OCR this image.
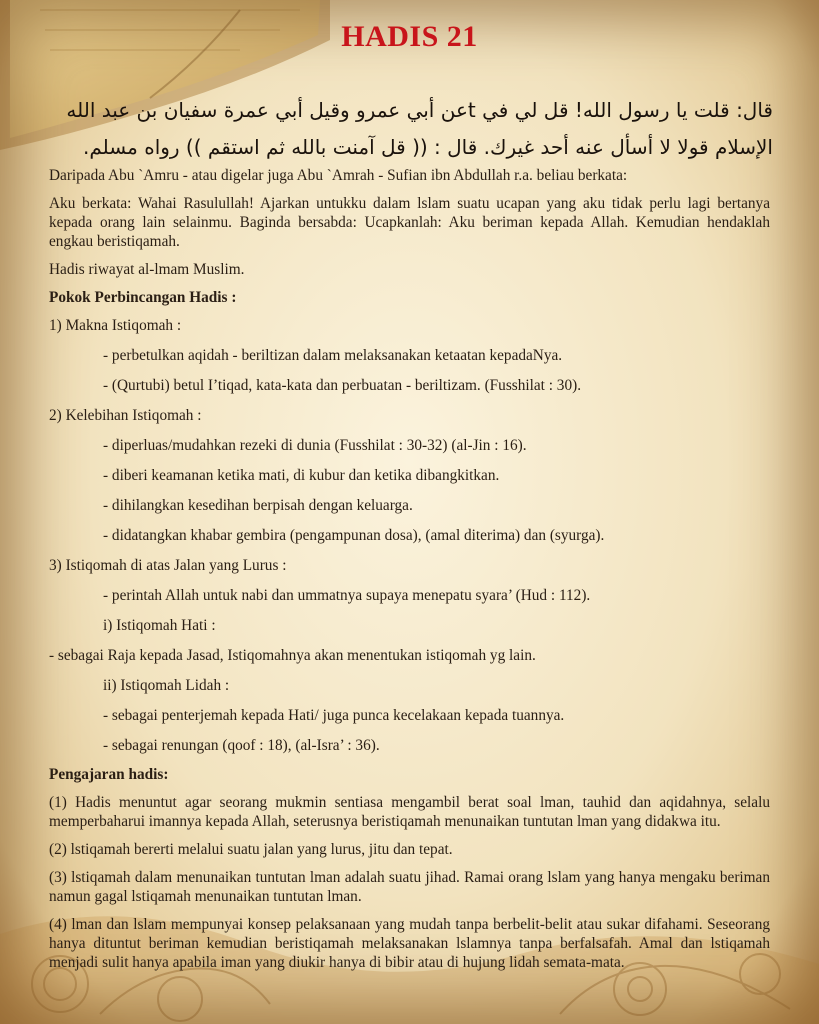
HADIS 21
قال: قلت يا رسول الله! قل لي في tعن أبي عمرو وقيل أبي عمرة سفيان بن عبد الله
الإسلام قولا لا أسأل عنه أحد غيرك. قال : (( قل آمنت بالله ثم استقم )) رواه مسلم.

Daripada Abu `Amru - atau digelar juga Abu `Amrah - Sufian ibn Abdullah r.a. beliau berkata:

Aku berkata: Wahai Rasulullah! Ajarkan untukku dalam lslam suatu ucapan yang aku tidak perlu lagi bertanya kepada orang lain selainmu. Baginda bersabda: Ucapkanlah: Aku beriman kepada Allah. Kemudian hendaklah engkau beristiqamah.

Hadis riwayat al-lmam Muslim.

Pokok Perbincangan Hadis :

1) Makna Istiqomah :

- perbetulkan aqidah - beriltizan dalam melaksanakan ketaatan kepadaNya.

- (Qurtubi) betul I’tiqad, kata-kata dan perbuatan - beriltizam. (Fusshilat : 30).

2) Kelebihan Istiqomah :

- diperluas/mudahkan rezeki di dunia (Fusshilat : 30-32) (al-Jin : 16).

- diberi keamanan ketika mati, di kubur dan ketika dibangkitkan.

- dihilangkan kesedihan berpisah dengan keluarga.

- didatangkan khabar gembira (pengampunan dosa), (amal diterima) dan (syurga).

3) Istiqomah di atas Jalan yang Lurus :

- perintah Allah untuk nabi dan ummatnya supaya menepatu syara’ (Hud : 112).

i) Istiqomah Hati :

- sebagai Raja kepada Jasad, Istiqomahnya akan menentukan istiqomah yg lain.

ii) Istiqomah Lidah :

- sebagai penterjemah kepada Hati/ juga punca kecelakaan kepada tuannya.

- sebagai renungan (qoof : 18), (al-Isra’ : 36).

Pengajaran hadis:

(1) Hadis menuntut agar seorang mukmin sentiasa mengambil berat soal lman, tauhid dan aqidahnya, selalu memperbaharui imannya kepada Allah, seterusnya beristiqamah menunaikan tuntutan lman yang didakwa itu.

(2) lstiqamah bererti melalui suatu jalan yang lurus, jitu dan tepat.

(3) lstiqamah dalam menunaikan tuntutan lman adalah suatu jihad. Ramai orang lslam yang hanya mengaku beriman namun gagal lstiqamah menunaikan tuntutan lman.

(4) lman dan lslam mempunyai konsep pelaksanaan yang mudah tanpa berbelit-belit atau sukar difahami. Seseorang hanya dituntut beriman kemudian beristiqamah melaksanakan lslamnya tanpa berfalsafah. Amal dan lstiqamah menjadi sulit hanya apabila iman yang diukir hanya di bibir atau di hujung lidah semata-mata.
